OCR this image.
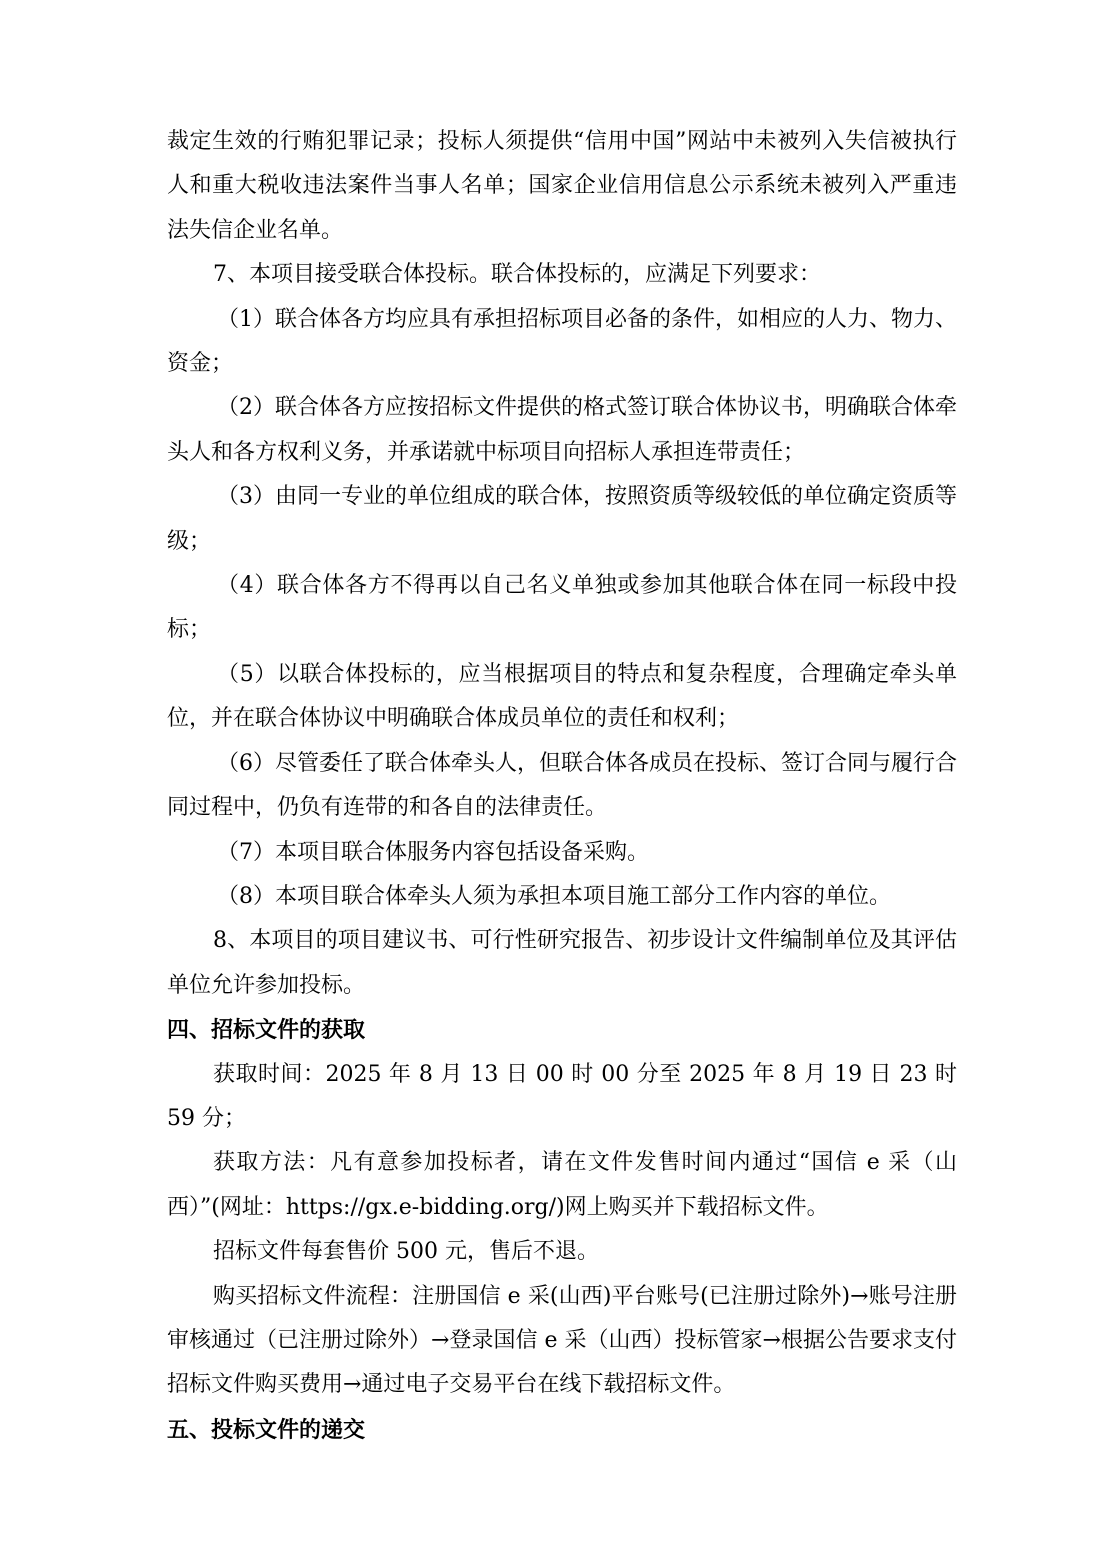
裁定生效的行贿犯罪记录；投标人须提供“信用中国”网站中未被列入失信被执行人和重大税收违法案件当事人名单；国家企业信用信息公示系统未被列入严重违法失信企业名单。

7、本项目接受联合体投标。联合体投标的，应满足下列要求：

（1）联合体各方均应具有承担招标项目必备的条件，如相应的人力、物力、资金；

（2）联合体各方应按招标文件提供的格式签订联合体协议书，明确联合体牵头人和各方权利义务，并承诺就中标项目向招标人承担连带责任；

（3）由同一专业的单位组成的联合体，按照资质等级较低的单位确定资质等级；

（4）联合体各方不得再以自己名义单独或参加其他联合体在同一标段中投标；

（5）以联合体投标的，应当根据项目的特点和复杂程度，合理确定牵头单位，并在联合体协议中明确联合体成员单位的责任和权利；

（6）尽管委任了联合体牵头人，但联合体各成员在投标、签订合同与履行合同过程中，仍负有连带的和各自的法律责任。

（7）本项目联合体服务内容包括设备采购。

（8）本项目联合体牵头人须为承担本项目施工部分工作内容的单位。

8、本项目的项目建议书、可行性研究报告、初步设计文件编制单位及其评估单位允许参加投标。

四、招标文件的获取

获取时间：2025 年 8 月 13 日 00 时 00 分至 2025 年 8 月 19 日 23 时 59 分；

获取方法：凡有意参加投标者，请在文件发售时间内通过“国信 e 采（山西）”(网址：https://gx.e-bidding.org/)网上购买并下载招标文件。

招标文件每套售价 500 元，售后不退。

购买招标文件流程：注册国信 e 采(山西)平台账号(已注册过除外)→账号注册审核通过（已注册过除外）→登录国信 e 采（山西）投标管家→根据公告要求支付招标文件购买费用→通过电子交易平台在线下载招标文件。

五、投标文件的递交
